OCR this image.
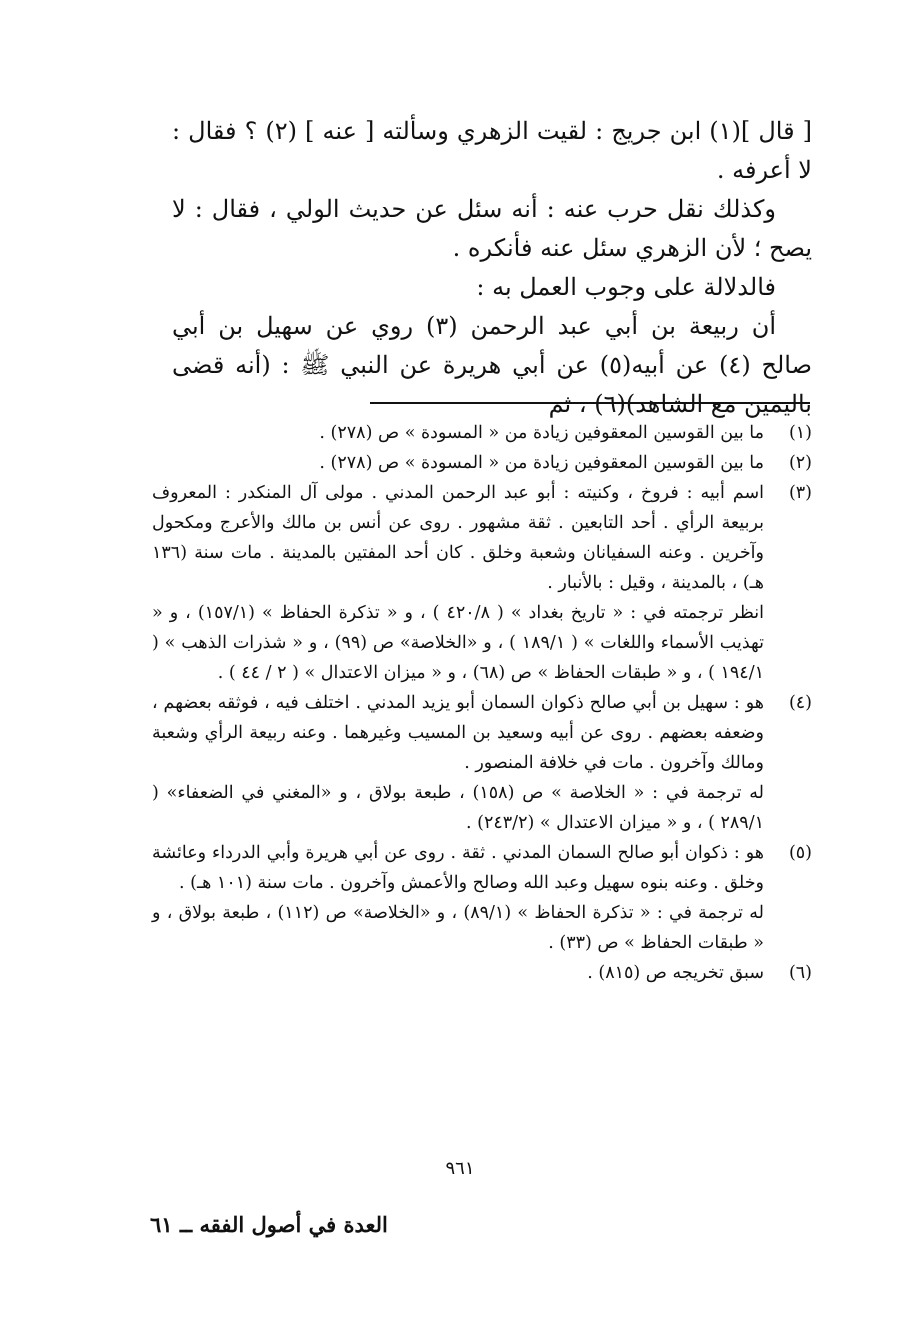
[ قال ](١) ابن جريج : لقيت الزهري وسألته [ عنه ] (٢) ؟ فقال : لا أعرفه .

وكذلك نقل حرب عنه : أنه سئل عن حديث الولي ، فقال : لا يصح ؛ لأن الزهري سئل عنه فأنكره .

فالدلالة على وجوب العمل به :

أن ربيعة بن أبي عبد الرحمن (٣) روي عن سهيل بن أبي صالح (٤) عن أبيه(٥) عن أبي هريرة عن النبي ﷺ : (أنه قضى باليمين مع الشاهد)(٦) ، ثم

(١)

ما بين القوسين المعقوفين زيادة من « المسودة » ص (٢٧٨) .

(٢)

ما بين القوسين المعقوفين زيادة من « المسودة » ص (٢٧٨) .

(٣)

اسم أبيه : فروخ ، وكنيته : أبو عبد الرحمن المدني . مولى آل المنكدر : المعروف بربيعة الرأي . أحد التابعين . ثقة مشهور . روى عن أنس بن مالك والأعرج ومكحول وآخرين . وعنه السفيانان وشعبة وخلق . كان أحد المفتين بالمدينة . مات سنة (١٣٦ هـ) ، بالمدينة ، وقيل : بالأنبار .

انظر ترجمته في : « تاريخ بغداد » ( ٤٢٠/٨ ) ، و « تذكرة الحفاظ » (١٥٧/١) ، و « تهذيب الأسماء واللغات » ( ١٨٩/١ ) ، و «الخلاصة» ص (٩٩) ، و « شذرات الذهب » ( ١٩٤/١ ) ، و « طبقات الحفاظ » ص (٦٨) ، و « ميزان الاعتدال » ( ٢ / ٤٤ ) .

(٤)

هو : سهيل بن أبي صالح ذكوان السمان أبو يزيد المدني . اختلف فيه ، فوثقه بعضهم ، وضعفه بعضهم . روى عن أبيه وسعيد بن المسيب وغيرهما . وعنه ربيعة الرأي وشعبة ومالك وآخرون . مات في خلافة المنصور .

له ترجمة في : « الخلاصة » ص (١٥٨) ، طبعة بولاق ، و «المغني في الضعفاء» ( ٢٨٩/١ ) ، و « ميزان الاعتدال » (٢٤٣/٢) .

(٥)

هو : ذكوان أبو صالح السمان المدني . ثقة . روى عن أبي هريرة وأبي الدرداء وعائشة وخلق . وعنه بنوه سهيل وعبد الله وصالح والأعمش وآخرون . مات سنة (١٠١ هـ) .

له ترجمة في : « تذكرة الحفاظ » (٨٩/١) ، و «الخلاصة» ص (١١٢) ، طبعة بولاق ، و « طبقات الحفاظ » ص (٣٣) .

(٦)

سبق تخريجه ص (٨١٥) .

٩٦١
العدة في أصول الفقه ــ ٦١
